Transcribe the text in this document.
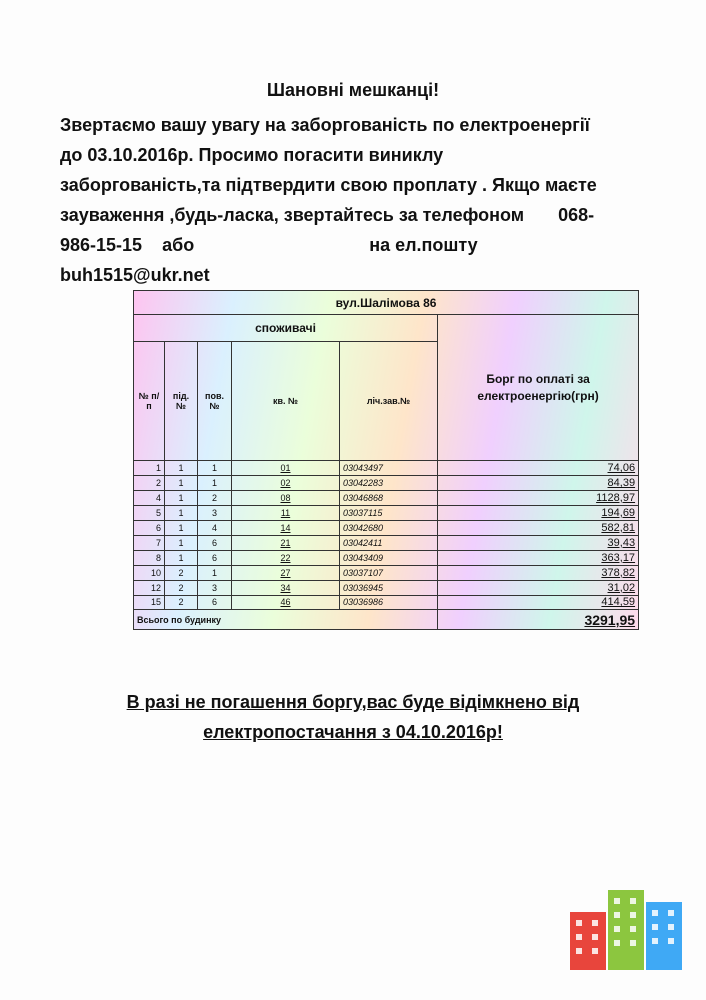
Шановні мешканці!

Звертаємо вашу увагу на заборгованість по електроенергії
до 03.10.2016р. Просимо погасити виниклу
заборгованість,та підтвердити свою проплату . Якщо маєте
зауваження ,будь-ласка, звертайтесь за телефоном 068-
986-15-15 або	на ел.пошту
buh1515@ukr.net

вул.Шалімова 86					
споживачі					Борг по оплаті за електроенергію(грн)
№ п/п	під. №	пов. №	кв. №	ліч.зав.№	
1	1	1	01	03043497	74,06
2	1	1	02	03042283	84,39
4	1	2	08	03046868	1128,97
5	1	3	11	03037115	194,69
6	1	4	14	03042680	582,81
7	1	6	21	03042411	39,43
8	1	6	22	03043409	363,17
10	2	1	27	03037107	378,82
12	2	3	34	03036945	31,02
15	2	6	46	03036986	414,59
Всього по будинку					3291,95

В разі не погашення боргу,вас буде відімкнено від
електропостачання з 04.10.2016р!
